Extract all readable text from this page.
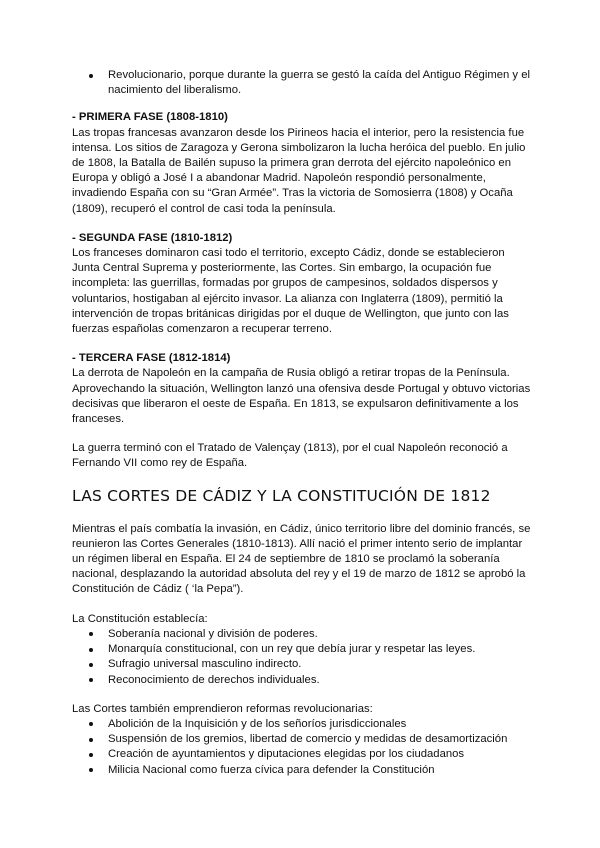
Revolucionario, porque durante la guerra se gestó la caída del Antiguo Régimen y el nacimiento del liberalismo.

- PRIMERA FASE (1808-1810)

Las tropas francesas avanzaron desde los Pirineos hacia el interior, pero la resistencia fue intensa. Los sitios de Zaragoza y Gerona simbolizaron la lucha heróica del pueblo. En julio de 1808, la Batalla de Bailén supuso la primera gran derrota del ejército napoleónico en Europa y obligó a José I a abandonar Madrid. Napoleón respondió personalmente, invadiendo España con su “Gran Armée”. Tras la victoria de Somosierra (1808) y Ocaña (1809), recuperó el control de casi toda la península.

- SEGUNDA FASE (1810-1812)

Los franceses dominaron casi todo el territorio, excepto Cádiz, donde se establecieron Junta Central Suprema y posteriormente, las Cortes. Sin embargo, la ocupación fue incompleta: las guerrillas, formadas por grupos de campesinos, soldados dispersos y voluntarios, hostigaban al ejército invasor. La alianza con Inglaterra (1809), permitió la intervención de tropas británicas dirigidas por el duque de Wellington, que junto con las fuerzas españolas comenzaron a recuperar terreno.

- TERCERA FASE (1812-1814)

La derrota de Napoleón en la campaña de Rusia obligó a retirar tropas de la Península. Aprovechando la situación, Wellington lanzó una ofensiva desde Portugal y obtuvo victorias decisivas que liberaron el oeste de España. En 1813, se expulsaron definitivamente a los franceses.

La guerra terminó con el Tratado de Valençay (1813), por el cual Napoleón reconoció a Fernando VII como rey de España.

LAS CORTES DE CÁDIZ Y LA CONSTITUCIÓN DE 1812

Mientras el país combatía la invasión, en Cádiz, único territorio libre del dominio francés, se reunieron las Cortes Generales (1810-1813). Allí nació el primer intento serio de implantar un régimen liberal en España. El 24 de septiembre de 1810 se proclamó la soberanía nacional, desplazando la autoridad absoluta del rey y el 19 de marzo de 1812 se aprobó la Constitución de Cádiz ( ‘la Pepa”).

La Constitución establecía:

Soberanía nacional y división de poderes.
Monarquía constitucional, con un rey que debía jurar y respetar las leyes.
Sufragio universal masculino indirecto.
Reconocimiento de derechos individuales.

Las Cortes también emprendieron reformas revolucionarias:

Abolición de la Inquisición y de los señoríos jurisdiccionales
Suspensión de los gremios, libertad de comercio y medidas de desamortización
Creación de ayuntamientos y diputaciones elegidas por los ciudadanos
Milicia Nacional como fuerza cívica para defender la Constitución
